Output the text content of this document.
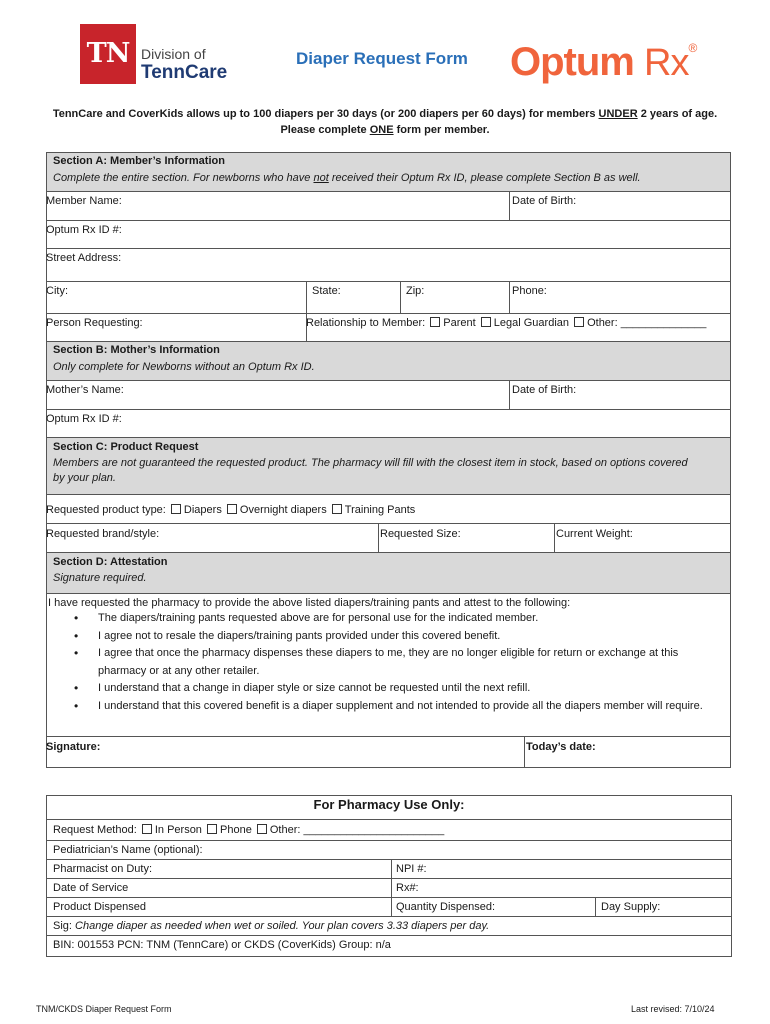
TN Division of
TennCare
Diaper Request Form Optum Rx®
TennCare and CoverKids allows up to 100 diapers per 30 days (or 200 diapers per 60 days) for members UNDER 2 years of age.
Please complete ONE form per member.
Section A: Member’s Information
Complete the entire section. For newborns who have not received their Optum Rx ID, please complete Section B as well.
Member Name:	Date of Birth:
Optum Rx ID #:
Street Address:
City:	State:	Zip:	Phone:
Person Requesting:	Relationship to Member: Parent Legal Guardian Other: ______________
Section B: Mother’s Information
Only complete for Newborns without an Optum Rx ID.
Mother’s Name:	Date of Birth:
Optum Rx ID #:
Section C: Product Request
Members are not guaranteed the requested product. The pharmacy will fill with the closest item in stock, based on options covered
by your plan.
Requested product type: Diapers Overnight diapers Training Pants
Requested brand/style:	Requested Size:	Current Weight:
Section D: Attestation
Signature required.
I have requested the pharmacy to provide the above listed diapers/training pants and attest to the following:
• The diapers/training pants requested above are for personal use for the indicated member.
• I agree not to resale the diapers/training pants provided under this covered benefit.
• I agree that once the pharmacy dispenses these diapers to me, they are no longer eligible for return or exchange at this pharmacy or at any other retailer.
• I understand that a change in diaper style or size cannot be requested until the next refill.
• I understand that this covered benefit is a diaper supplement and not intended to provide all the diapers member will require.
Signature:	Today’s date:
For Pharmacy Use Only:
Request Method: In Person Phone Other: _______________________
Pediatrician’s Name (optional):
Pharmacist on Duty:	NPI #:
Date of Service	Rx#:
Product Dispensed	Quantity Dispensed:	Day Supply:
Sig: Change diaper as needed when wet or soiled. Your plan covers 3.33 diapers per day.
BIN: 001553 PCN: TNM (TennCare) or CKDS (CoverKids) Group: n/a
TNM/CKDS Diaper Request Form	Last revised: 7/10/24
